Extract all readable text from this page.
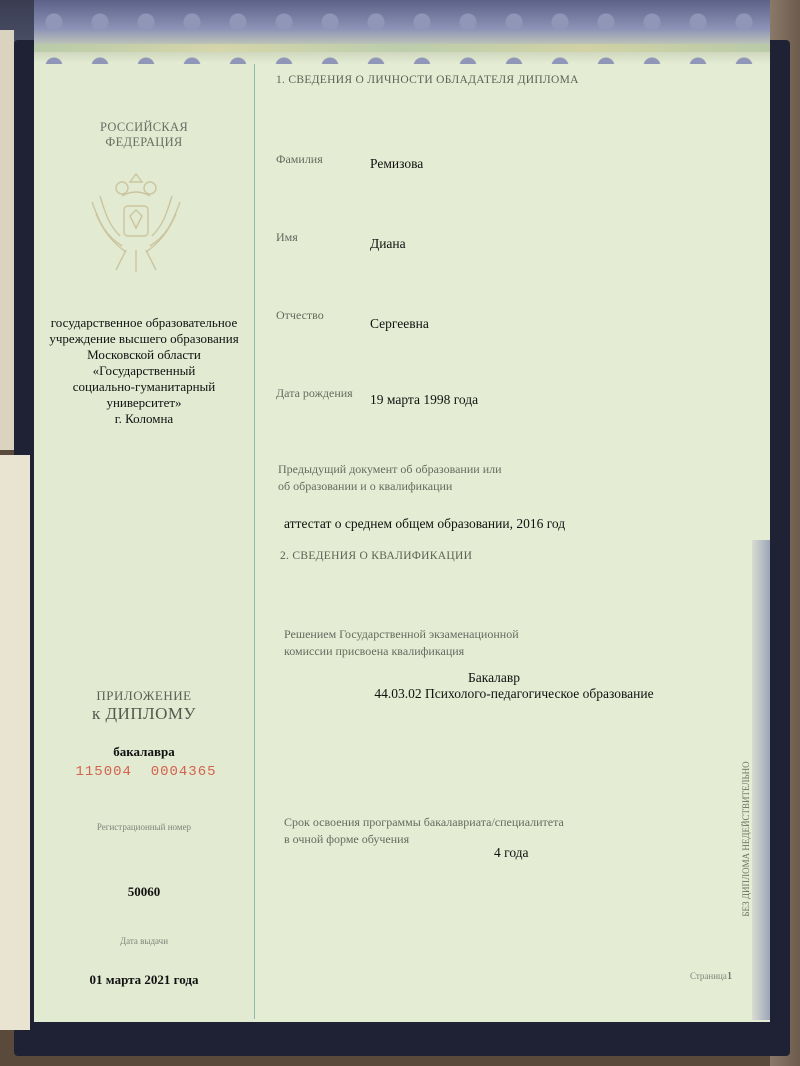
РОССИЙСКАЯ
ФЕДЕРАЦИЯ
государственное образовательное
учреждение высшего образования
Московской области
«Государственный
социально-гуманитарный
университет»
г. Коломна
ПРИЛОЖЕНИЕ
к ДИПЛОМУ
бакалавра
115004  0004365
Регистрационный номер
50060
Дата выдачи
01 марта 2021 года
1. СВЕДЕНИЯ О ЛИЧНОСТИ ОБЛАДАТЕЛЯ ДИПЛОМА
Фамилия	Ремизова
Имя	Диана
Отчество
Сергеевна
Дата рождения 19 марта 1998 года
Предыдущий документ об образовании или
об образовании и о квалификации
аттестат о среднем общем образовании, 2016 год
2. СВЕДЕНИЯ О КВАЛИФИКАЦИИ
Решением Государственной экзаменационной
комиссии присвоена квалификация
Бакалавр
44.03.02 Психолого-педагогическое образование
Срок освоения программы бакалавриата/специалитета
в очной форме обучения
4 года
Страница1
БЕЗ ДИПЛОМА НЕДЕЙСТВИТЕЛЬНО
